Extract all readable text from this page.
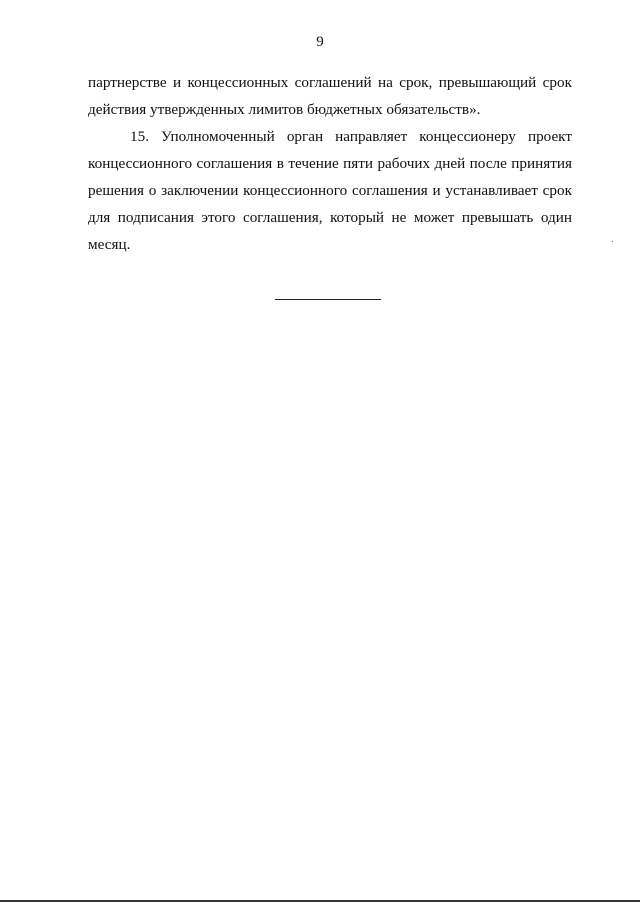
9
партнерстве и концессионных соглашений на срок, превышающий срок
действия утвержденных лимитов бюджетных обязательств».
15. Уполномоченный орган направляет концессионеру проект
концессионного соглашения в течение пяти рабочих дней после принятия
решения о заключении концессионного соглашения и устанавливает срок
для подписания этого соглашения, который не может превышать один
месяц.
